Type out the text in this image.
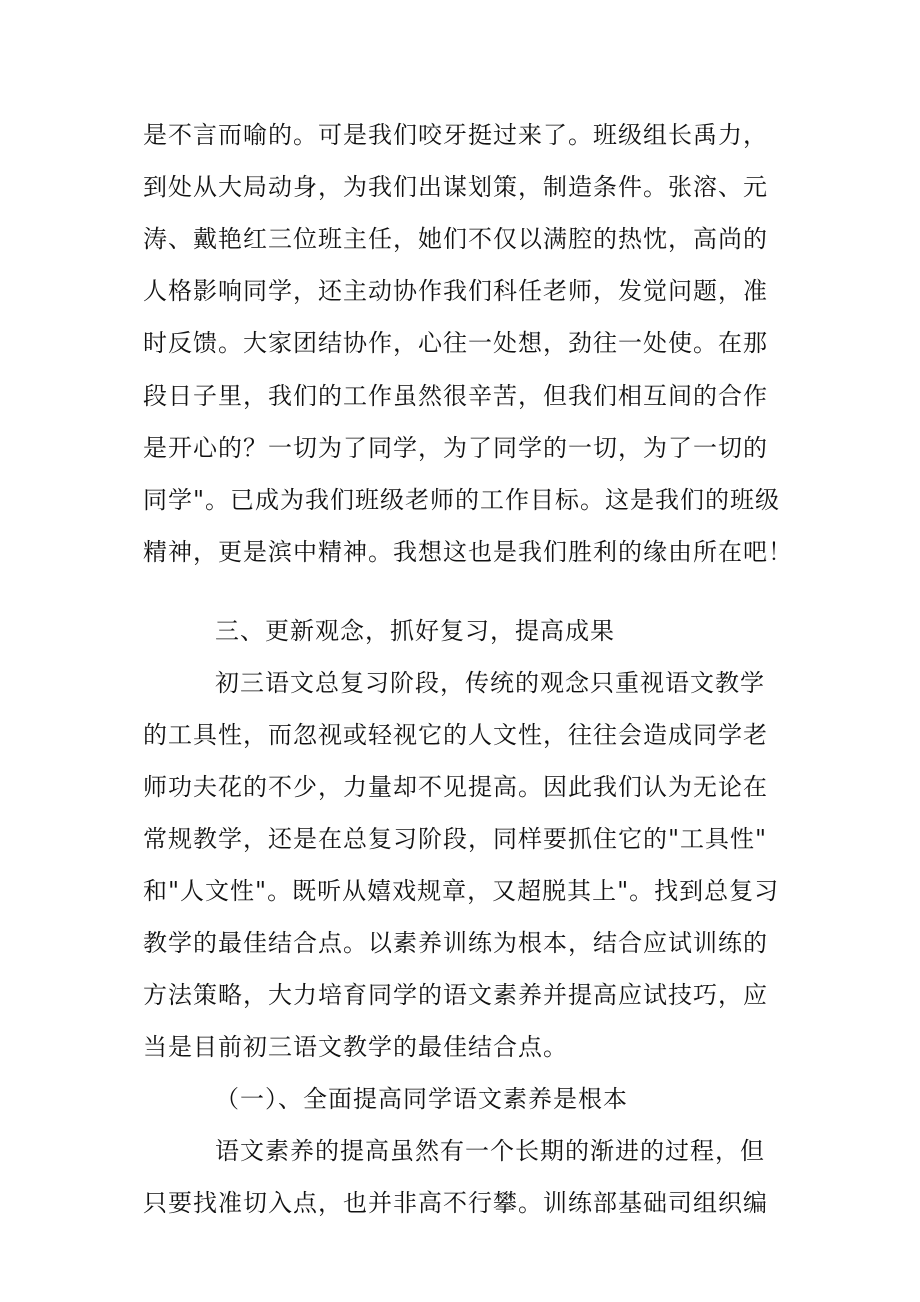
是不言而喻的。可是我们咬牙挺过来了。班级组长禹力，
到处从大局动身，为我们出谋划策，制造条件。张溶、元
涛、戴艳红三位班主任，她们不仅以满腔的热忱，高尚的
人格影响同学，还主动协作我们科任老师，发觉问题，准
时反馈。大家团结协作，心往一处想，劲往一处使。在那
段日子里，我们的工作虽然很辛苦，但我们相互间的合作
是开心的？一切为了同学，为了同学的一切，为了一切的
同学"。已成为我们班级老师的工作目标。这是我们的班级
精神，更是滨中精神。我想这也是我们胜利的缘由所在吧！
三、更新观念，抓好复习，提高成果
初三语文总复习阶段，传统的观念只重视语文教学
的工具性，而忽视或轻视它的人文性，往往会造成同学老
师功夫花的不少，力量却不见提高。因此我们认为无论在
常规教学，还是在总复习阶段，同样要抓住它的"工具性"
和"人文性"。既听从嬉戏规章，又超脱其上"。找到总复习
教学的最佳结合点。以素养训练为根本，结合应试训练的
方法策略，大力培育同学的语文素养并提高应试技巧，应
当是目前初三语文教学的最佳结合点。
（一）、全面提高同学语文素养是根本
语文素养的提高虽然有一个长期的渐进的过程，但
只要找准切入点，也并非高不行攀。训练部基础司组织编
